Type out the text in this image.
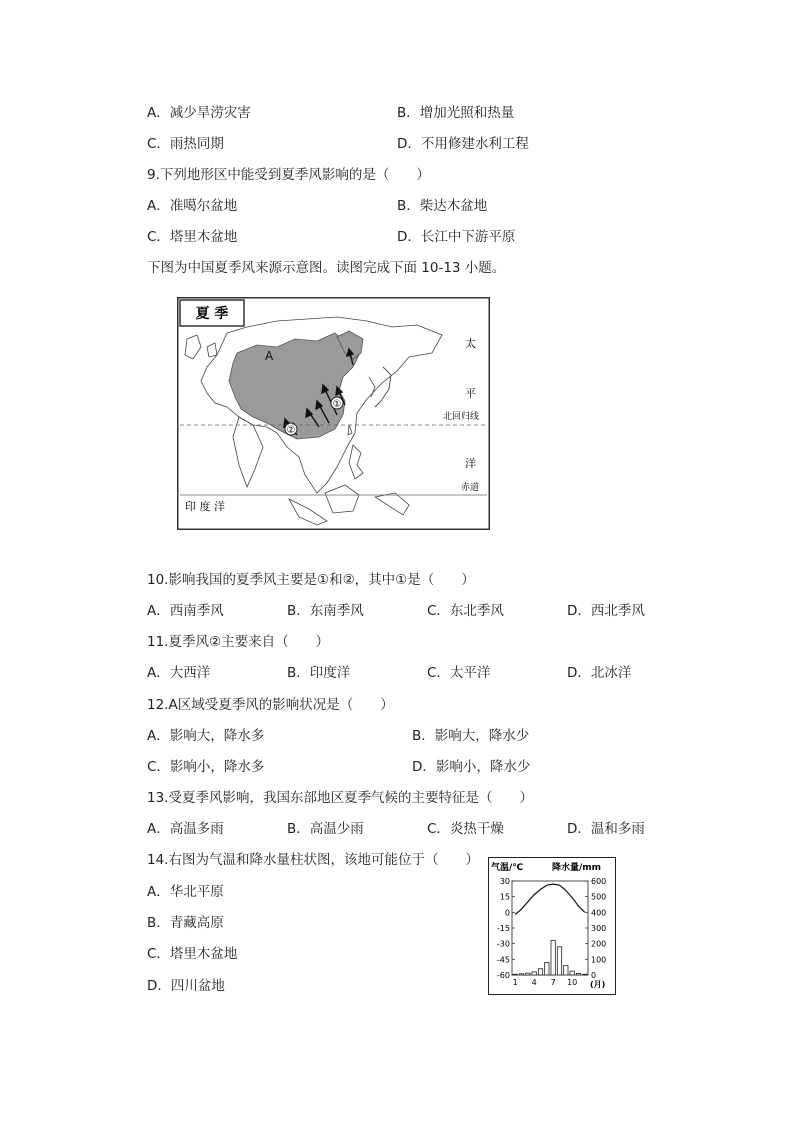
A．减少旱涝灾害	B．增加光照和热量
C．雨热同期	D．不用修建水利工程
9.下列地形区中能受到夏季风影响的是（　　）
A．准噶尔盆地	B．柴达木盆地
C．塔里木盆地	D．长江中下游平原
下图为中国夏季风来源示意图。读图完成下面 10-13 小题。
夏 季
A
①
②
北回归线
赤道
太
平
洋
印 度 洋
10.影响我国的夏季风主要是①和②，其中①是（　　）
A．西南季风	B．东南季风	C．东北季风	D．西北季风
11.夏季风②主要来自（　　）
A．大西洋	B．印度洋	C．太平洋	D．北冰洋
12.A区域受夏季风的影响状况是（　　）
A．影响大，降水多	B．影响大，降水少
C．影响小，降水多	D．影响小，降水少
13.受夏季风影响，我国东部地区夏季气候的主要特征是（　　）
A．高温多雨	B．高温少雨	C．炎热干燥	D．温和多雨
14.右图为气温和降水量柱状图，该地可能位于（　　）
A．华北平原
B．青藏高原
C．塔里木盆地
D．四川盆地
气温/℃	降水量/mm
30
15
0
-15
-30
-45
-60
600
500
400
300
200
100
0
1 4 7 10 (月)
